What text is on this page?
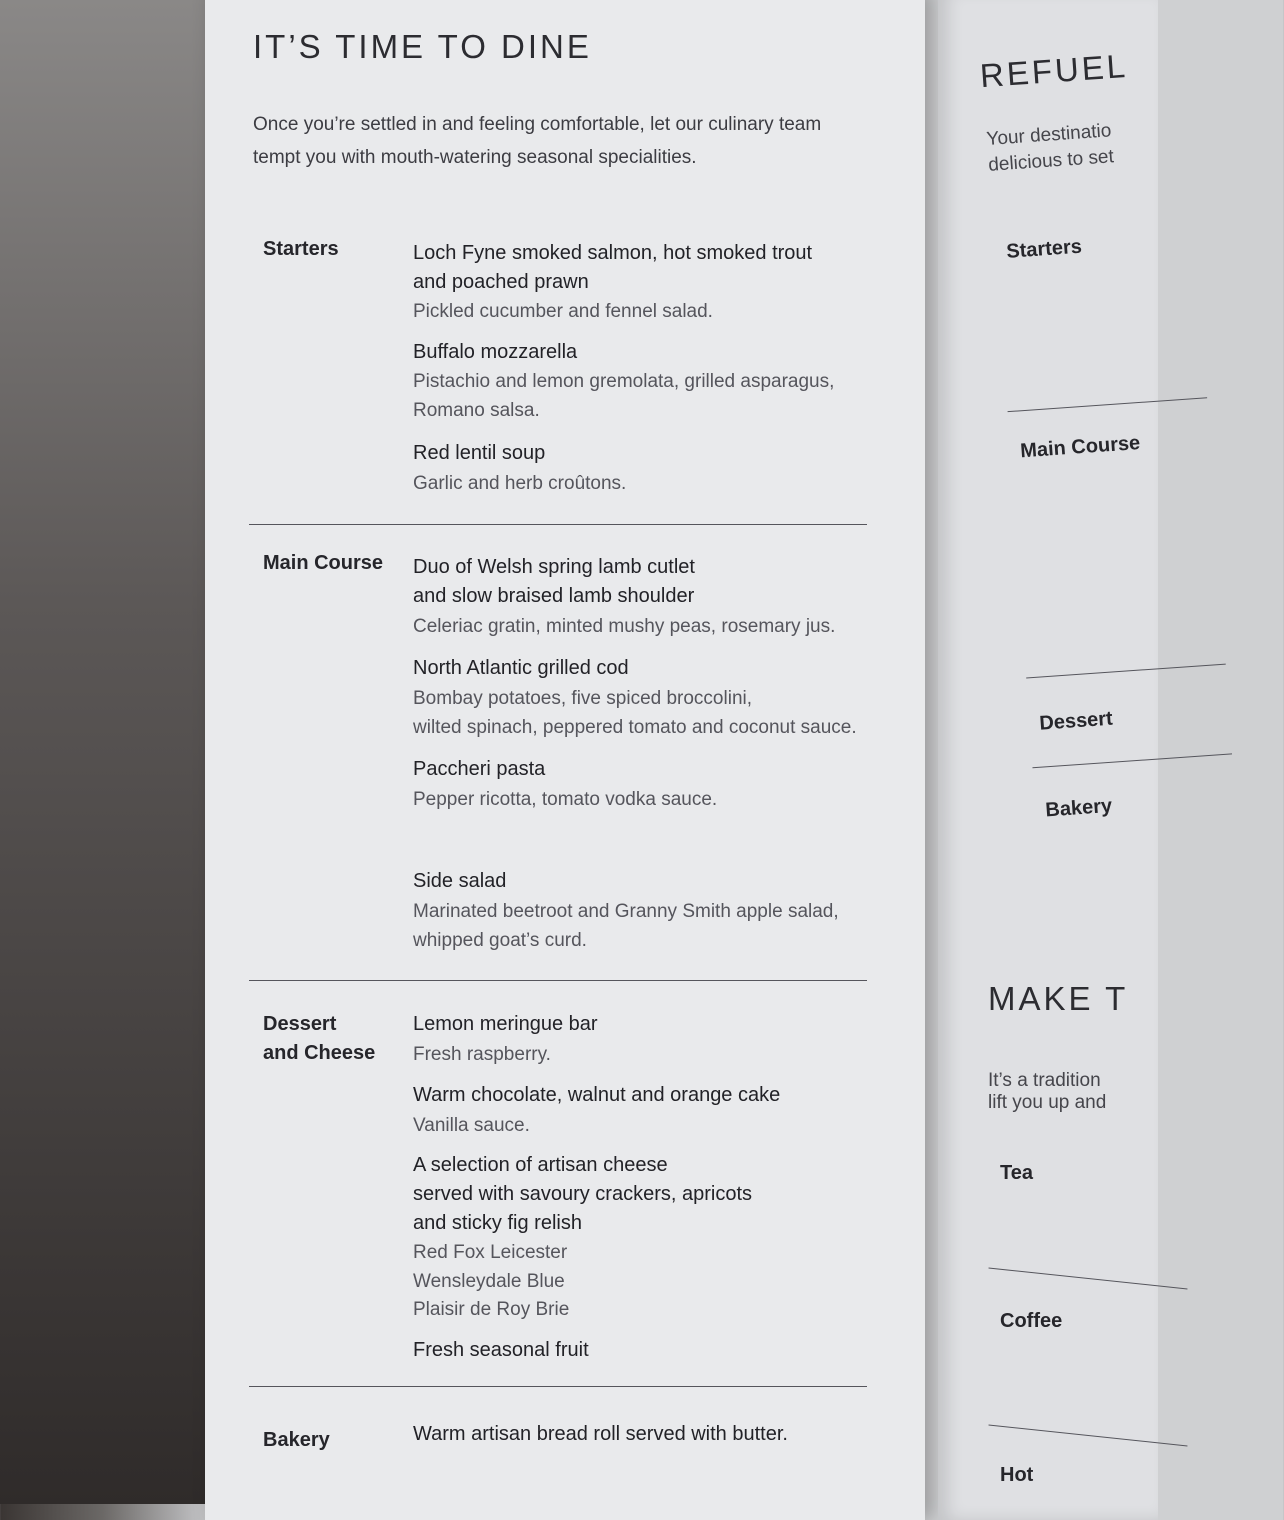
IT’S TIME TO DINE

Once you’re settled in and feeling comfortable, let our culinary team tempt you with mouth-watering seasonal specialities.

Starters	Loch Fyne smoked salmon, hot smoked trout
and poached prawn
Pickled cucumber and fennel salad.
Buffalo mozzarella
Pistachio and lemon gremolata, grilled asparagus,
Romano salsa.
Red lentil soup
Garlic and herb croûtons.
Main Course Duo of Welsh spring lamb cutlet
and slow braised lamb shoulder
Celeriac gratin, minted mushy peas, rosemary jus.
North Atlantic grilled cod
Bombay potatoes, five spiced broccolini,
wilted spinach, peppered tomato and coconut sauce.
Paccheri pasta
Pepper ricotta, tomato vodka sauce.
Side salad
Marinated beetroot and Granny Smith apple salad,
whipped goat’s curd.
Dessert
and Cheese
Lemon meringue bar
Fresh raspberry.
Warm chocolate, walnut and orange cake
Vanilla sauce.
A selection of artisan cheese
served with savoury crackers, apricots
and sticky fig relish
Red Fox Leicester
Wensleydale Blue
Plaisir de Roy Brie
Fresh seasonal fruit
Bakery	Warm artisan bread roll served with butter.
REFUEL
Your destinatio
delicious to set
Starters
Main Course
Dessert
Bakery
MAKE T
It’s a tradition
lift you up and
Tea
Coffee
Hot
